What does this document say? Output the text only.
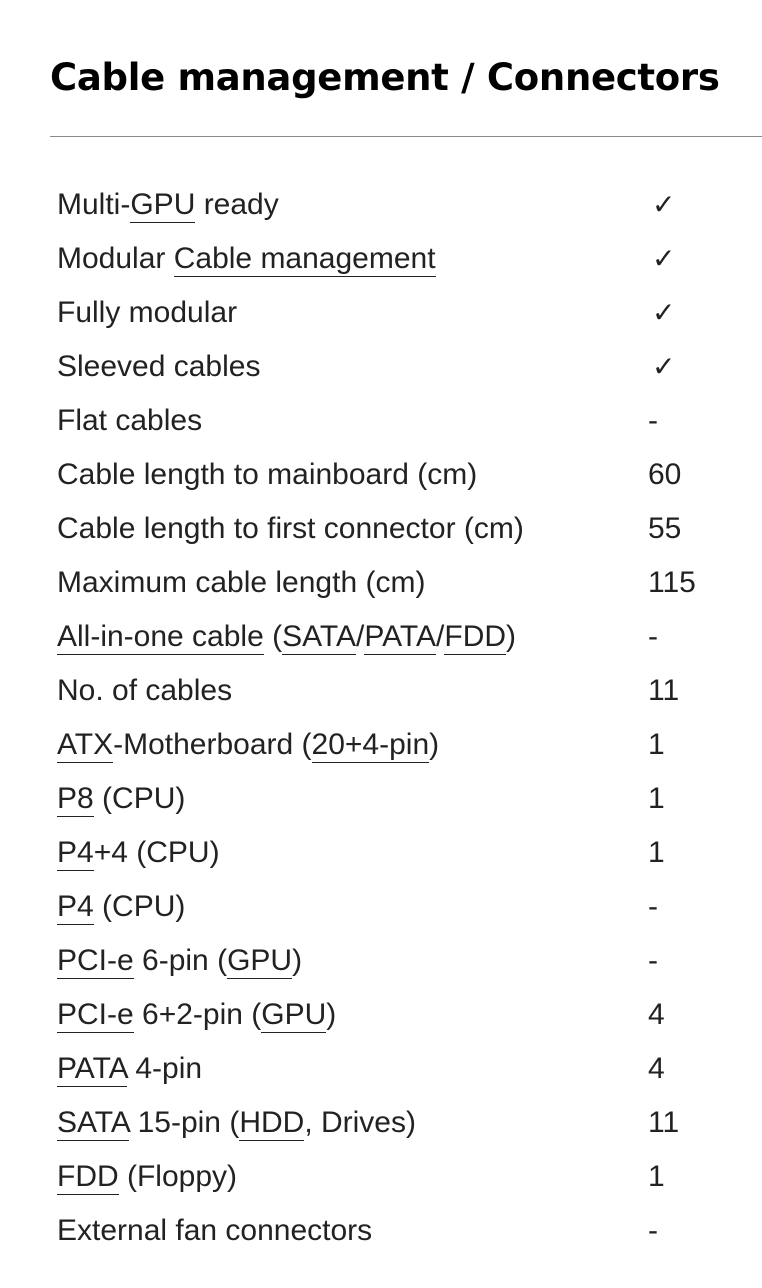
Cable management / Connectors
Multi-GPU ready	✓
Modular Cable management	✓
Fully modular	✓
Sleeved cables	✓
Flat cables	-
Cable length to mainboard (cm)	60
Cable length to first connector (cm)	55
Maximum cable length (cm)	115
All-in-one cable (SATA/PATA/FDD)	-
No. of cables	11
ATX-Motherboard (20+4-pin)	1
P8 (CPU)	1
P4+4 (CPU)	1
P4 (CPU)	-
PCI-e 6-pin (GPU)	-
PCI-e 6+2-pin (GPU)	4
PATA 4-pin	4
SATA 15-pin (HDD, Drives)	11
FDD (Floppy)	1
External fan connectors	-
